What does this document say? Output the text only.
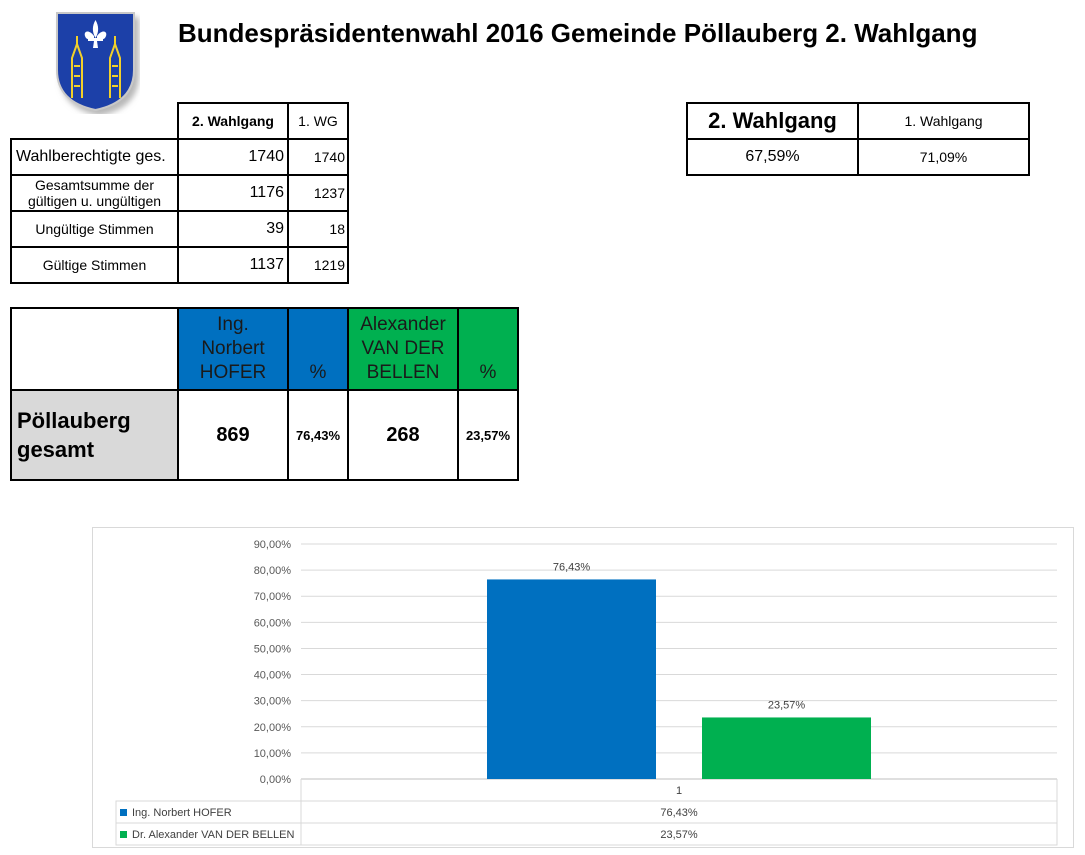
Bundespräsidentenwahl 2016 Gemeinde Pöllauberg 2. Wahlgang
	2. Wahlgang	1. WG
Wahlberechtigte ges.	1740	1740
Gesamtsumme der gültigen u. ungültigen	1176	1237
Ungültige Stimmen	39	18
Gültige Stimmen	1137	1219
2. Wahlgang	1. Wahlgang
67,59%	71,09%
	Ing. Norbert HOFER	%	Alexander VAN DER BELLEN	%
Pöllauberg gesamt	869	76,43%	268	23,57%
0,00%
10,00%
20,00%
30,00%
40,00%
50,00%
60,00%
70,00%
80,00%
90,00%
76,43%
23,57%
1
Ing. Norbert HOFER	76,43%
Dr. Alexander VAN DER BELLEN	23,57%
